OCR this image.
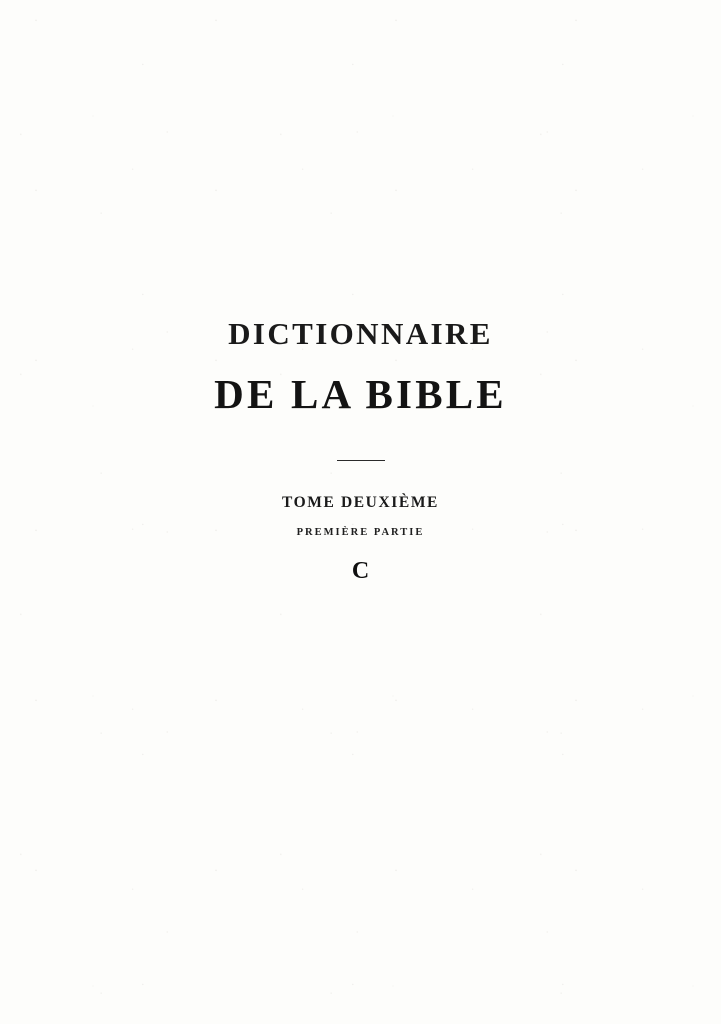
DICTIONNAIRE
DE LA BIBLE
TOME DEUXIÈME
PREMIÈRE PARTIE
C
